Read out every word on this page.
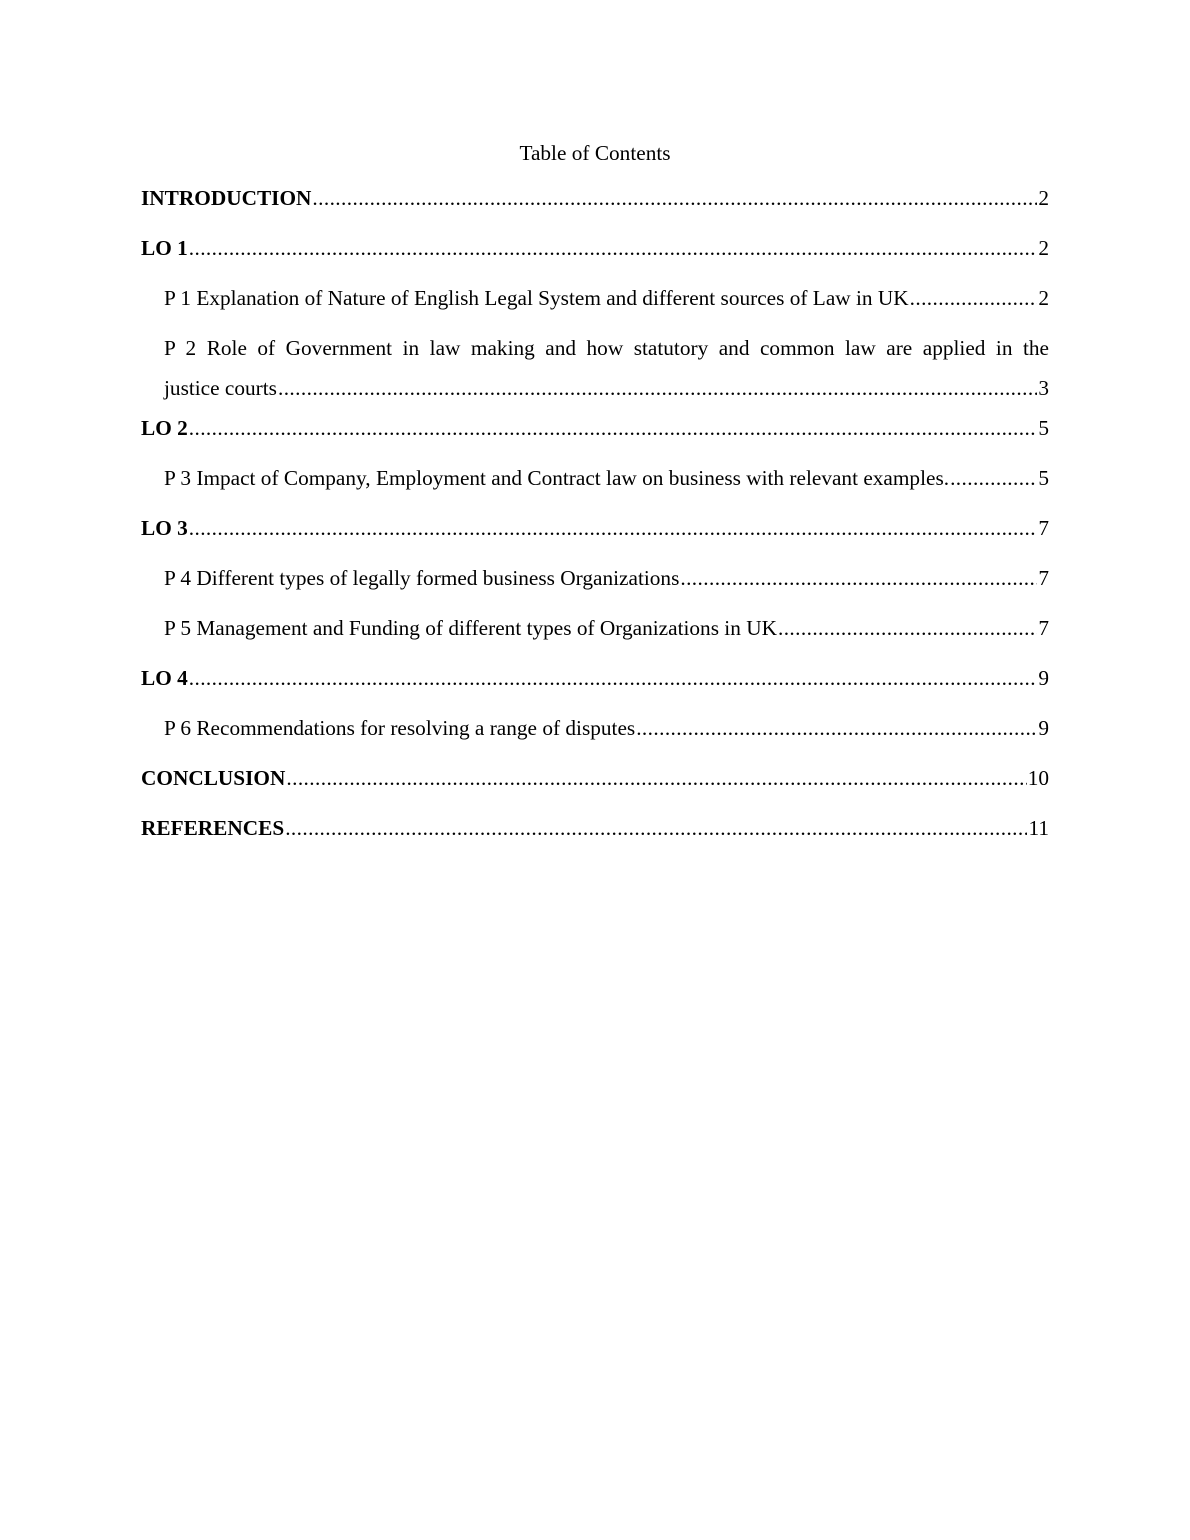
Table of Contents
INTRODUCTION .....	2
LO 1 .....	2
P 1 Explanation of Nature of English Legal System and different sources of Law in UK .....	2
P 2 Role of Government in law making and how statutory and common law are applied in the
justice courts .....	3
LO 2 .....	5
P 3 Impact of Company, Employment and Contract law on business with relevant examples. .....	5
LO 3 .....	7
P 4 Different types of legally formed business Organizations .....	7
P 5 Management and Funding of different types of Organizations in UK .....	7
LO 4 .....	9
P 6 Recommendations for resolving a range of disputes .....	9
CONCLUSION .....	10
REFERENCES .....	11
